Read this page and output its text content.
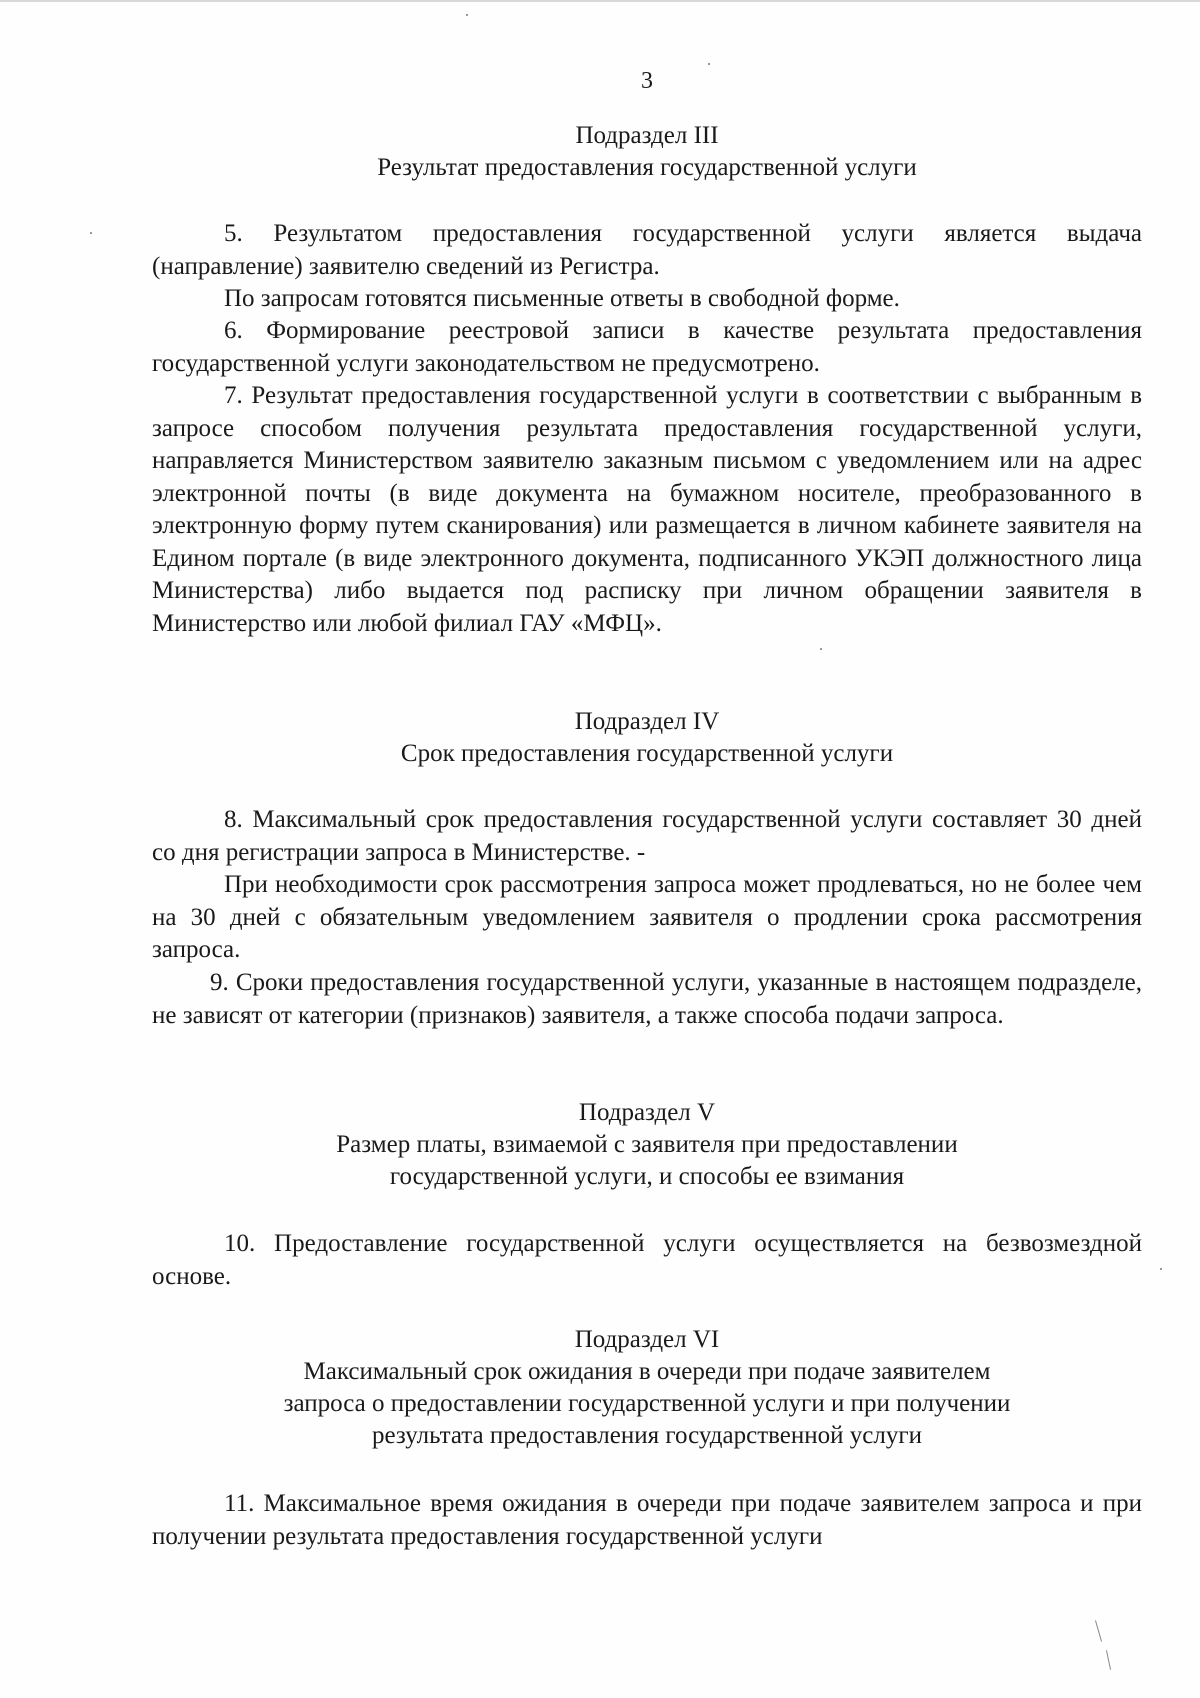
3
Подраздел III
Результат предоставления государственной услуги

5. Результатом предоставления государственной услуги является выдача (направление) заявителю сведений из Регистра.

По запросам готовятся письменные ответы в свободной форме.

6. Формирование реестровой записи в качестве результата предоставления государственной услуги законодательством не предусмотрено.

7. Результат предоставления государственной услуги в соответствии с выбранным в запросе способом получения результата предоставления государственной услуги, направляется Министерством заявителю заказным письмом с уведомлением или на адрес электронной почты (в виде документа на бумажном носителе, преобразованного в электронную форму путем сканирования) или размещается в личном кабинете заявителя на Едином портале (в виде электронного документа, подписанного УКЭП должностного лица Министерства) либо выдается под расписку при личном обращении заявителя в Министерство или любой филиал ГАУ «МФЦ».

Подраздел IV
Срок предоставления государственной услуги

8. Максимальный срок предоставления государственной услуги составляет 30 дней со дня регистрации запроса в Министерстве. -

При необходимости срок рассмотрения запроса может продлеваться, но не более чем на 30 дней с обязательным уведомлением заявителя о продлении срока рассмотрения запроса.

9. Сроки предоставления государственной услуги, указанные в настоящем подразделе, не зависят от категории (признаков) заявителя, а также способа подачи запроса.

Подраздел V
Размер платы, взимаемой с заявителя при предоставлении
государственной услуги, и способы ее взимания

10. Предоставление государственной услуги осуществляется на безвозмездной основе.

Подраздел VI
Максимальный срок ожидания в очереди при подаче заявителем
запроса о предоставлении государственной услуги и при получении
результата предоставления государственной услуги

11. Максимальное время ожидания в очереди при подаче заявителем запроса и при получении результата предоставления государственной услуги
